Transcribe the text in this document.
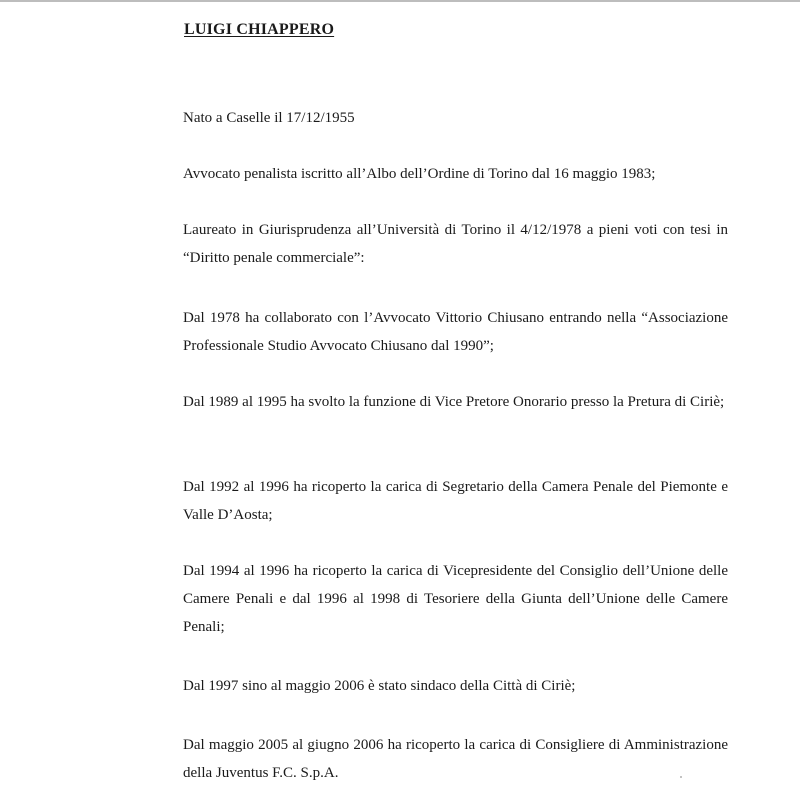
LUIGI CHIAPPERO

Nato a Caselle il 17/12/1955

Avvocato penalista iscritto all’Albo dell’Ordine di Torino dal 16 maggio 1983;

Laureato in Giurisprudenza all’Università di Torino il 4/12/1978 a pieni voti con tesi in “Diritto penale commerciale”:

Dal 1978 ha collaborato con l’Avvocato Vittorio Chiusano entrando nella “Associazione Professionale Studio Avvocato Chiusano dal 1990”;

Dal 1989 al 1995 ha svolto la funzione di Vice Pretore Onorario presso la Pretura di Ciriè;

Dal 1992 al 1996 ha ricoperto la carica di Segretario della Camera Penale del Piemonte e Valle D’Aosta;

Dal 1994 al 1996 ha ricoperto la carica di Vicepresidente del Consiglio dell’Unione delle Camere Penali e dal 1996 al 1998 di Tesoriere della Giunta dell’Unione delle Camere Penali;

Dal 1997 sino al maggio 2006 è stato sindaco della Città di Ciriè;

Dal maggio 2005 al giugno 2006 ha ricoperto la carica di Consigliere di Amministrazione della Juventus F.C. S.p.A.
